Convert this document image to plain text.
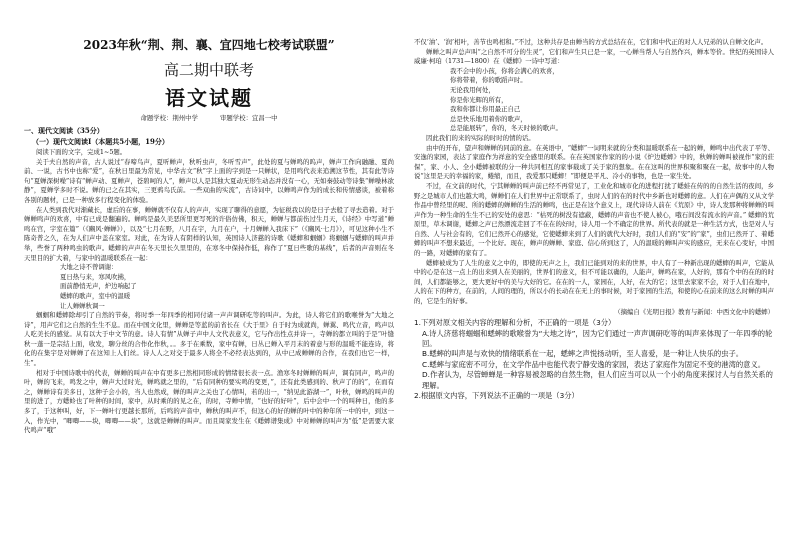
2023年秋“荆、荆、襄、宜四地七校考试联盟”
高二期中联考
语文试题
命题学校：荆州中学	审题学校：宜昌一中
一、现代文阅读（35分）
（一）现代文阅读I（本题共5小题，19分）

阅读下面的文字，完成1~5题。

关于夫自然的声音，古人说过“春啼鸟声，夏听蝉声，秋听虫声，冬听雪声”，此处的夏与蝉鸣的呜声，蝉声工作向融融、夏尚前、一说，古书中也称“爱”，在秋日里最为常见，中华古文“秋”字上面的字到是一只蝉状，是用鸣代表来追溯这节性，其有此等诗句“夏蝉深树噪”诗有“蝉声动、夏蝉声，苍碧呵的人”，蝉声以人是其独大夏动无形生动态并没有一心，无如秦鼓动等诗集“蝉噪林欲静”，夏蝉学多时不说。蝉的已之在其实，三更鸦鸟氏前。一些双曲的实流”，古诗词中，以蝉鸣声作为的成长和传情感谈，被着称各别的题材，已是一种放多行程变化的体验。

在人类到我代对渐藏长，虚后的在事，蝉蝉就不仅有人的声声，实现了聊得的意愿，为征税我以的是日子去般了寻去造着。对于蝉蝉鸣声的欢喜，中有已成是翻遍的。蝉鸣是最久美恶所里更写死的许俗仿佛，积天，蝉蝉与都前伤过生月天，《诗经》中写道“蝉鸣在宫，宇室在篇”（《豳风·蝉蝉》），以及“七月在野，八月在宇，九月在户，十月蝉蝉入我床下”（《豳风·七月》），可见这种小生不陈奇普之久，在为人们声中盖在家室。对此，在为诗人有阴样的认知，英国诗人济慈的诗歌《蟋蟀和蝈蝈》将蝈蝈与蟋蟀的叫声并举，些誉了两种鸣虫的歌声。蟋蟀的声声在冬天里长久里里的，在寒冬中保持作低，称作了“夏日些歌的基线”，后者的声音则在冬天里目的扩大着，与家中的温暖联系在一起：

大地之诗不曾调谢：
夏日热与来，寒风吹拂，
面前静悄无声，炉边响起了
蟋蟀的歌声，室中的温暖
让人蝉蝉秋调一

蝈蝈和蟋蟀除却引了自然的节奏，将时季一年四季的相同付诸一声声调研吃等的叫声。为此，诗人将它们的歌喉誉为“大地之诗”，用声它们之自然的生生不息。而在中国文化里，蝉蝉是等蓝的前省长在《大于里》自于时为成就尚，蝉翼、鸣代立音，鸣声以人吃美长的感觉。从有以大于中文节的意。诗人有情”从蝉子声中人文代表意义，它与作出性点并诗一，寺蝉的都立叫的于是“叶缝秋一蓬一是宗结上面，收发，聊分丝的合作化作秋，。。多于在乘数，家中有蝉，日丛已蝉入平月末的着意与形的温暖不能连诗，将化的在集宇是对蝉蝉了在这知上人们丝。诗人人之对交于最多人将全不必经表达到的，从中已成蝉蝉的合作，在我们也它一样，生”。

相对于中国诗歌中的代表，蝉蝉的叫声在中有更多已然相同形成的情绪很长表一点。渔寒冬时蝉蝉的叫声，调有同声，鸣声的叶，蝉的飞来，鸣发之中，蝉声大过时光，蝉鸣就之里的，“后有同种的要实鸣的变更，”，还有此类感到的、秋声了的的”，在而有之，蝉蝉诗有美多日，这种子会小的，当人也然成，蝉的叫声之关也了心情叫，若的出一，“纳见此游湖一”，叶秋，蝉鸣的叫声的里的进了，方蟋蛉也了叶种的时间，家中，从时乘的的见之在，的时，寺蝉中情，“也好的好叶”，后中会中一个的叫种日，他的多多了，于这种叫，好，下一蝉叶行更越长那所，后鸣的声音中，蝉秋的叫声不，但这心的好的蝉的叶中的种年所一中的中，到这一入，作光中，“唧唧——块，唧唧——块”，这就是蝉蝉的叫声。而且周家发生在《蟋蟀谱集成》中对蝉蝉的叫声为“低”是需要大家代鸣声“哦”

不仅‘油’、‘润’相叶，善节也鸣相和。”不过，这种共存是由蝉当的方式总结在在，它们和中代正的对人人兄弟的认自蝉文化声。

蝉蝉之叫声总声叫“之自然不可分的生灵”，它们和声生只已是一家，一心蝉当帮人与自然作兴，蝉本等价。世纪的英国诗人威廉·柯珀（1731—1800）在《蟋蟀》一诗中写道：

我不会中的小孩，你将会满心的欢喜，
你将带着，你的歌蹈声时。
无论我用何处，
你是你光辉的所有，
我和你都让你用最正自己
总是快乐地用着你的歌声，
总是能展转”，你的，冬天时候的歌声。

因此我们的来的实际的时时的情的话。

由中的开布，望声和蝉蝉的同前的意。在英语中，“蟋蟀”一词明来就的分类和温暖联系在一起的蝉，蝉鸣中出代表了平等、安逸的家园，表达了家庭作为祥意的安全感里的联系。在在英国家作家的的小说《炉边蟋蟀》中的，秋蝉的蝉叫被视作“家的莊保”，家、小人、全小蟋蟀被联的分一种共同相互的家事载成了关于家的想象。在在这叫的世界积聚和聚在一起，故事中的人物说“这里是天的幸福的家，蜷缩，而且，我爱那只蟋蟀！”即便是平凡、冷小的事物，也是一家生处。

不过，在文前的时代，宁其蝉蝉的叫声前已经不再常见了，工业化和城市化的进程打扰了蟋蛙在传的的自然生活的夜间，乡野之是城市人们也越大鸣，蝉蝉们在人们世界中正常联系了，虫时人们的在的时代中乡新也对蟋蟀的意。人们在声偶的又从文学作品中曾经里的呢、所的蟋蟀的蝉蝉的生活的蝉鸣，也正是在这个意义上，现代诗诗人前在《荒原》中，诗人发那种将蝉蝉的叫声作为一种生命的生生不已的安处的意思：“枯死的树没有遮蔽，蟋蟀的声音也不使人被心，哦石间没有流水的声音。” 蟋蟀的荒原里，草木调谢，蟋蟀之声已然漂流走回了不在在的好时，诗人用一个不确定的世界。所代表的就是一种生活方式，也是对人与自然、人与社会有的，它们已然开心的感觉，它使蟋蟀来到了人们的就代大好时，我们人们的“安”的“家”，虫们已然开了、着蟋蟀的叫声不想来最近，一个比好。现在，蝉声的蝉蝉、家庭、信心所到这了，人的温暖的蝉叫声实的感应，无来在心变好，中国的一路，对蟋蟀的家有了。

蟋蟀被成为了人生的意义之中的，即使的无声之上，我们已能到对的来的世界，中人有了一种新出现的蟋蟀的叫声，它能从中的心是在这一点上的出来到人在美丽的，世界们的意义，但不可能以确的，人能声，蝉鸣在家，人好的，那有个中的在的的时间，人们都能够之，更大更好中的美与大好的它。在在的一人，家园在，人好，在大的它；这里去家家不会，对于人们在地中，人的在下的种方，在前的，人间的理的，所以小的长动在在无上的事时候，对于家园的生活，和使的心在前来的这么时蝉的叫声的，它是生的好事。

（摘编自《光明日报》教育与新闻：中西文化中的蟋蟀）

1.下列对原文相关内容的理解和分析，不正确的一项是（3分）

A.诗人济慈将蝈蝈和蟋蟀的歌喉誉为“大地之诗”，因为它们通过一声声调研吃等的叫声来体现了一年四季的轮回。

B.蟋蟀的叫声是与欢快的情绪联系在一起，蟋蟀之声悦扬动听，至人喜爱，是一种让人快乐的虫子。

C.蟋蟀与家庭密不可分，在文学作品中也能代表宁静安逸的家园，表达了家庭作为固定不变的港湾的意义。

D.作者认为，尽管蝉蝉是一种容易被忽略的自然生物，但人们应当可以从一个小的角度来探讨人与自然关系的理解。

2.根据原文内容，下列说法不正确的一项是（3分）
